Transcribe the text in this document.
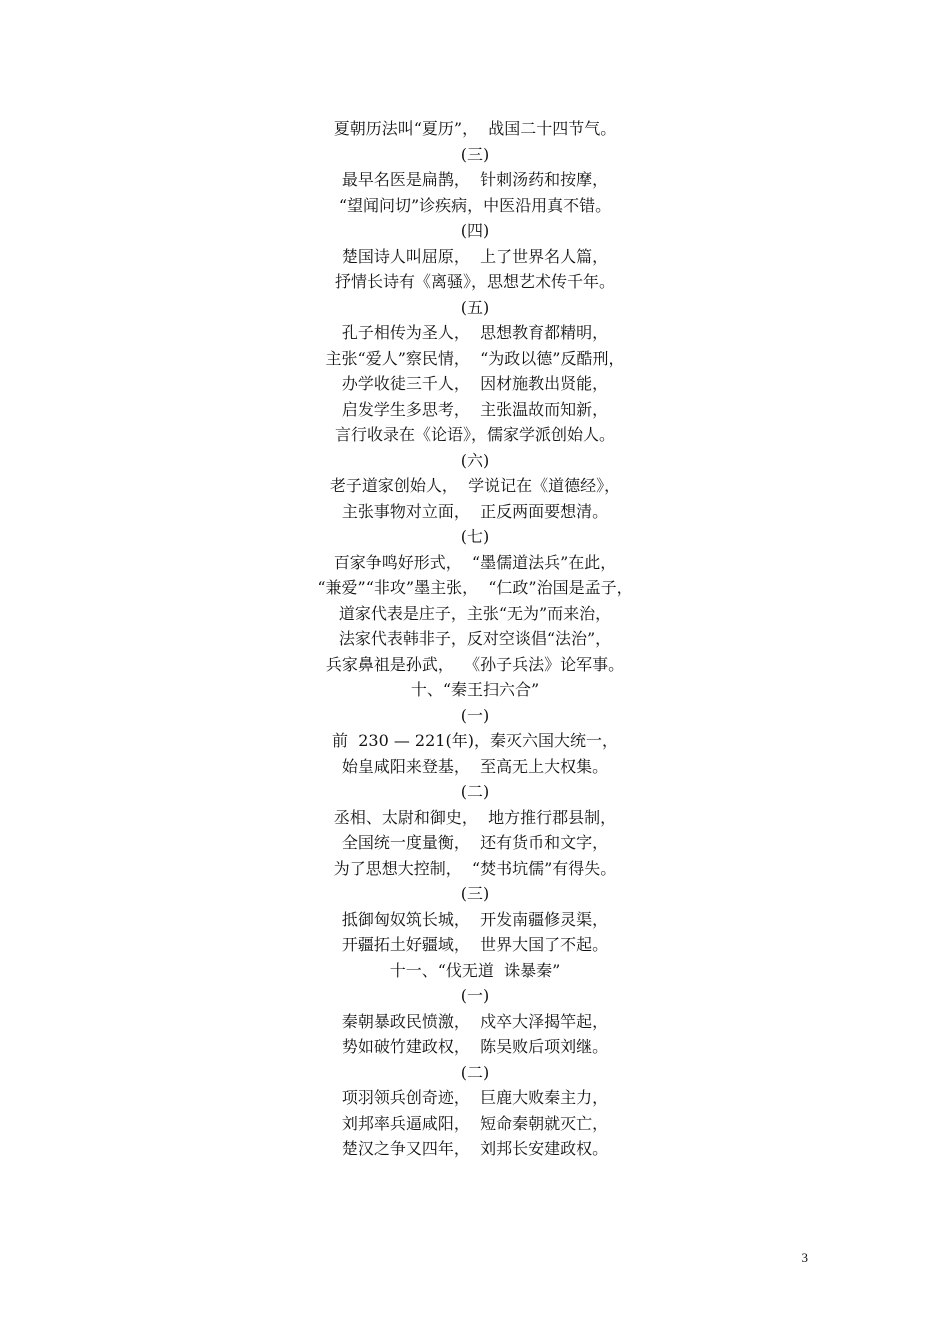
夏朝历法叫“夏历”，  战国二十四节气。
(三)
最早名医是扁鹊，  针刺汤药和按摩，
“望闻问切”诊疾病，中医沿用真不错。
(四)
楚国诗人叫屈原，  上了世界名人篇，
抒情长诗有《离骚》，思想艺术传千年。
(五)
孔子相传为圣人，  思想教育都精明，
主张“爱人”察民情，  “为政以德”反酷刑，
办学收徒三千人，  因材施教出贤能，
启发学生多思考，  主张温故而知新，
言行收录在《论语》，儒家学派创始人。
(六)
老子道家创始人，  学说记在《道德经》，
主张事物对立面，  正反两面要想清。
(七)
百家争鸣好形式，  “墨儒道法兵”在此，
“兼爱”“非攻”墨主张，  “仁政”治国是孟子，
道家代表是庄子，主张“无为”而来治，
法家代表韩非子，反对空谈倡“法治”，
兵家鼻祖是孙武，  《孙子兵法》论军事。
十、“秦王扫六合”
(一)
前  230 — 221(年)，秦灭六国大统一，
始皇咸阳来登基，  至高无上大权集。
(二)
丞相、太尉和御史，  地方推行郡县制，
全国统一度量衡，  还有货币和文字，
为了思想大控制，  “焚书坑儒”有得失。
(三)
抵御匈奴筑长城，  开发南疆修灵渠，
开疆拓土好疆域，  世界大国了不起。
十一、“伐无道  诛暴秦”
(一)
秦朝暴政民愤激，  戍卒大泽揭竿起，
势如破竹建政权，  陈吴败后项刘继。
(二)
项羽领兵创奇迹，  巨鹿大败秦主力，
刘邦率兵逼咸阳，  短命秦朝就灭亡，
楚汉之争又四年，  刘邦长安建政权。
3
